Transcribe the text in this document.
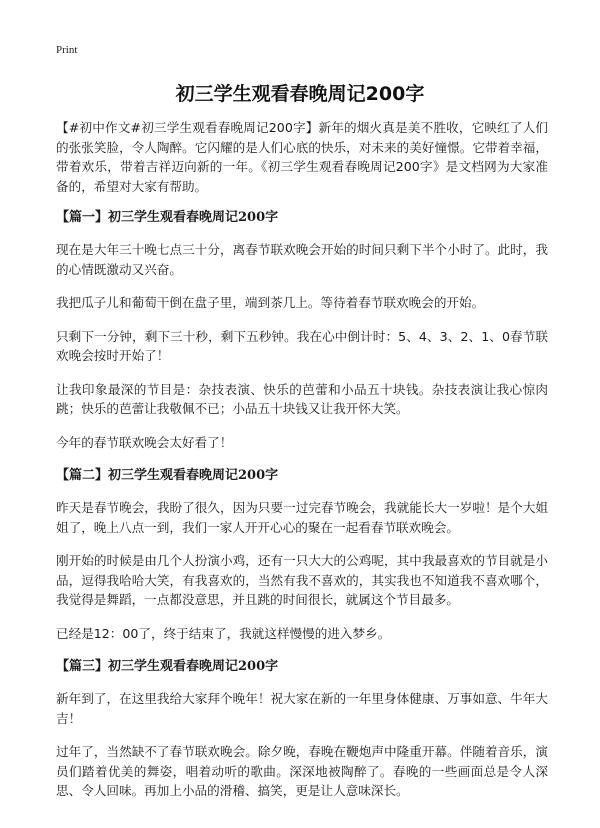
Print
初三学生观看春晚周记200字

【#初中作文#初三学生观看春晚周记200字】新年的烟火真是美不胜收，它映红了人们的张张笑脸，令人陶醉。它闪耀的是人们心底的快乐，对未来的美好憧憬。它带着幸福，带着欢乐，带着吉祥迈向新的一年。《初三学生观看春晚周记200字》是文档网为大家准备的，希望对大家有帮助。

【篇一】初三学生观看春晚周记200字

现在是大年三十晚七点三十分，离春节联欢晚会开始的时间只剩下半个小时了。此时，我的心情既激动又兴奋。

我把瓜子儿和葡萄干倒在盘子里，端到茶几上。等待着春节联欢晚会的开始。

只剩下一分钟，剩下三十秒，剩下五秒钟。我在心中倒计时：5、4、3、2、1、0春节联欢晚会按时开始了！

让我印象最深的节目是：杂技表演、快乐的芭蕾和小品五十块钱。杂技表演让我心惊肉跳；快乐的芭蕾让我敬佩不已；小品五十块钱又让我开怀大笑。

今年的春节联欢晚会太好看了！

【篇二】初三学生观看春晚周记200字

昨天是春节晚会，我盼了很久，因为只要一过完春节晚会，我就能长大一岁啦！是个大姐姐了，晚上八点一到，我们一家人开开心心的聚在一起看春节联欢晚会。

刚开始的时候是由几个人扮演小鸡，还有一只大大的公鸡呢，其中我最喜欢的节目就是小品，逗得我哈哈大笑，有我喜欢的，当然有我不喜欢的，其实我也不知道我不喜欢哪个，我觉得是舞蹈，一点都没意思，并且跳的时间很长，就属这个节目最多。

已经是12：00了，终于结束了，我就这样慢慢的进入梦乡。

【篇三】初三学生观看春晚周记200字

新年到了，在这里我给大家拜个晚年！祝大家在新的一年里身体健康、万事如意、牛年大吉！

过年了，当然缺不了春节联欢晚会。除夕晚，春晚在鞭炮声中隆重开幕。伴随着音乐，演员们踏着优美的舞姿，唱着动听的歌曲。深深地被陶醉了。春晚的一些画面总是令人深思、令人回味。再加上小品的滑稽、搞笑，更是让人意味深长。
